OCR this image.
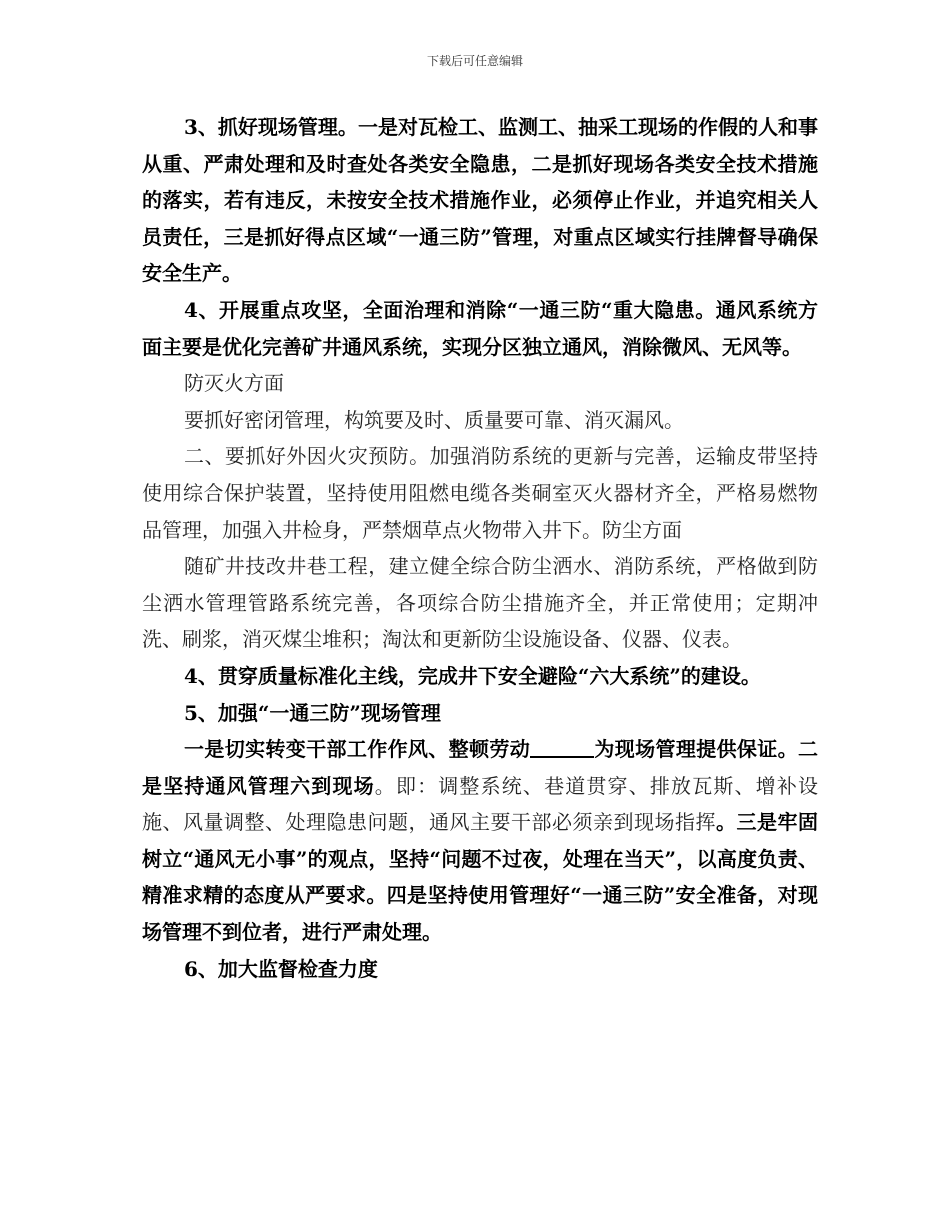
下载后可任意编辑

3、抓好现场管理。一是对瓦检工、监测工、抽采工现场的作假的人和事从重、严肃处理和及时查处各类安全隐患，二是抓好现场各类安全技术措施的落实，若有违反，未按安全技术措施作业，必须停止作业，并追究相关人员责任，三是抓好得点区域“一通三防”管理，对重点区域实行挂牌督导确保安全生产。

4、开展重点攻坚，全面治理和消除“一通三防“重大隐患。通风系统方面主要是优化完善矿井通风系统，实现分区独立通风，消除微风、无风等。

防灭火方面

要抓好密闭管理，构筑要及时、质量要可靠、消灭漏风。

二、要抓好外因火灾预防。加强消防系统的更新与完善，运输皮带坚持使用综合保护装置，坚持使用阻燃电缆各类硐室灭火器材齐全，严格易燃物品管理，加强入井检身，严禁烟草点火物带入井下。防尘方面

随矿井技改井巷工程，建立健全综合防尘洒水、消防系统，严格做到防尘洒水管理管路系统完善，各项综合防尘措施齐全，并正常使用；定期冲洗、刷浆，消灭煤尘堆积；淘汰和更新防尘设施设备、仪器、仪表。

4、贯穿质量标准化主线，完成井下安全避险“六大系统”的建设。

5、加强“一通三防”现场管理

一是切实转变干部工作作风、整顿劳动	为现场管理提供保证。二是坚持通风管理六到现场。即：调整系统、巷道贯穿、排放瓦斯、增补设施、风量调整、处理隐患问题，通风主要干部必须亲到现场指挥。三是牢固树立“通风无小事”的观点，坚持“问题不过夜，处理在当天”，以高度负责、精准求精的态度从严要求。四是坚持使用管理好“一通三防”安全准备，对现场管理不到位者，进行严肃处理。

6、加大监督检查力度
